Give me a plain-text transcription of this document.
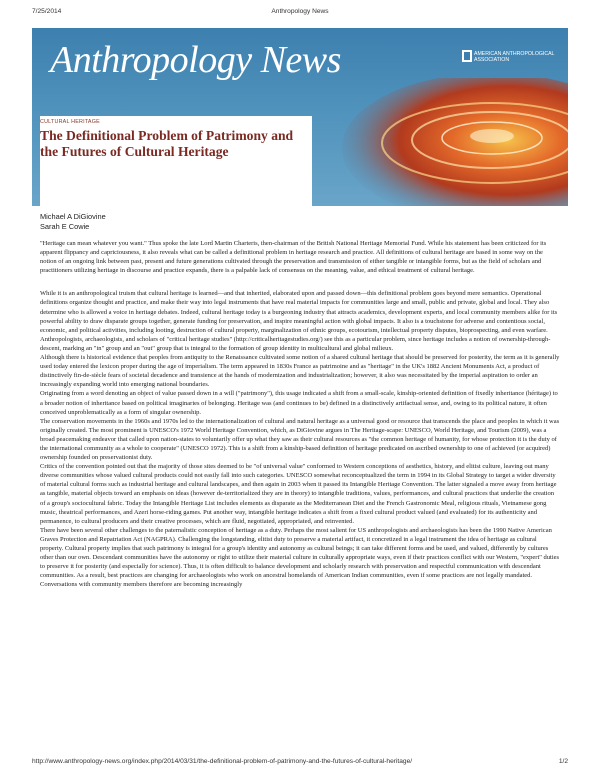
7/25/2014	Anthropology News
Anthropology News	AMERICAN ANTHROPOLOGICAL ASSOCIATION
CULTURAL HERITAGE
The Definitional Problem of Patrimony and the Futures of Cultural Heritage
Michael A DiGiovine
Sarah E Cowie

"Heritage can mean whatever you want." Thus spoke the late Lord Martin Charteris, then-chairman of the British National Heritage Memorial Fund. While his statement has been criticized for its apparent flippancy and capriciousness, it also reveals what can be called a definitional problem in heritage research and practice. All definitions of cultural heritage are based in some way on the notion of an ongoing link between past, present and future generations cultivated through the preservation and transmission of either tangible or intangible forms, but as the field of scholars and practitioners utilizing heritage in discourse and practice expands, there is a palpable lack of consensus on the meaning, value, and ethical treatment of cultural heritage.

While it is an anthropological truism that cultural heritage is learned—and that inherited, elaborated upon and passed down—this definitional problem goes beyond mere semantics. Operational definitions organize thought and practice, and make their way into legal instruments that have real material impacts for communities large and small, public and private, global and local. They also determine who is allowed a voice in heritage debates. Indeed, cultural heritage today is a burgeoning industry that attracts academics, development experts, and local community members alike for its powerful ability to draw disparate groups together, generate funding for preservation, and inspire meaningful action with global impacts. It also is a touchstone for adverse and contentious social, economic, and political activities, including looting, destruction of cultural property, marginalization of ethnic groups, ecotourism, intellectual property disputes, bioprospecting, and even warfare. Anthropologists, archaeologists, and scholars of "critical heritage studies" (http://criticalheritagestudies.org/) see this as a particular problem, since heritage includes a notion of ownership-through-descent, marking an "in" group and an "out" group that is integral to the formation of group identity in multicultural and global milieux.

Although there is historical evidence that peoples from antiquity to the Renaissance cultivated some notion of a shared cultural heritage that should be preserved for posterity, the term as it is generally used today entered the lexicon proper during the age of imperialism. The term appeared in 1830s France as patrimoine and as "heritage" in the UK's 1882 Ancient Monuments Act, a product of distinctively fin-de-siècle fears of societal decadence and transience at the hands of modernization and industrialization; however, it also was necessitated by the imperial aspiration to order an increasingly expanding world into emerging national boundaries.

Originating from a word denoting an object of value passed down in a will ("patrimony"), this usage indicated a shift from a small-scale, kinship-oriented definition of fixedly inheritance (héritage) to a broader notion of inheritance based on political imaginaries of belonging. Heritage was (and continues to be) defined in a distinctively artifactual sense, and, owing to its political nature, it often conceived unproblematically as a form of singular ownership.

The conservation movements in the 1960s and 1970s led to the internationalization of cultural and natural heritage as a universal good or resource that transcends the place and peoples in which it was originally created. The most prominent is UNESCO's 1972 World Heritage Convention, which, as DiGiovine argues in The Heritage-scape: UNESCO, World Heritage, and Tourism (2009), was a broad peacemaking endeavor that called upon nation-states to voluntarily offer up what they saw as their cultural resources as "the common heritage of humanity, for whose protection it is the duty of the international community as a whole to cooperate" (UNESCO 1972). This is a shift from a kinship-based definition of heritage predicated on ascribed ownership to one of achieved (or acquired) ownership founded on preservationist duty.

Critics of the convention pointed out that the majority of those sites deemed to be "of universal value" conformed to Western conceptions of aesthetics, history, and elitist culture, leaving out many diverse communities whose valued cultural products could not easily fall into such categories. UNESCO somewhat reconceptualized the term in 1994 in its Global Strategy to target a wider diversity of material cultural forms such as industrial heritage and cultural landscapes, and then again in 2003 when it passed its Intangible Heritage Convention. The latter signaled a move away from heritage as tangible, material objects toward an emphasis on ideas (however de-territorialized they are in theory) to intangible traditions, values, performances, and cultural practices that underlie the creation of a group's sociocultural fabric. Today the Intangible Heritage List includes elements as disparate as the Mediterranean Diet and the French Gastronomic Meal, religious rituals, Vietnamese gong music, theatrical performances, and Azeri horse-riding games. Put another way, intangible heritage indicates a shift from a fixed cultural product valued (and evaluated) for its authenticity and permanence, to cultural producers and their creative processes, which are fluid, negotiated, appropriated, and reinvented.

There have been several other challenges to the paternalistic conception of heritage as a duty. Perhaps the most salient for US anthropologists and archaeologists has been the 1990 Native American Graves Protection and Repatriation Act (NAGPRA). Challenging the longstanding, elitist duty to preserve a material artifact, it concretized in a legal instrument the idea of heritage as cultural property. Cultural property implies that such patrimony is integral for a group's identity and autonomy as cultural beings; it can take different forms and be used, and valued, differently by cultures other than our own. Descendant communities have the autonomy or right to utilize their material culture in culturally appropriate ways, even if their practices conflict with our Western, "expert" duties to preserve it for posterity (and especially for science). Thus, it is often difficult to balance development and scholarly research with preservation and respectful communication with descendant communities. As a result, best practices are changing for archaeologists who work on ancestral homelands of American Indian communities, even if some practices are not legally mandated. Conversations with community members therefore are becoming increasingly

http://www.anthropology-news.org/index.php/2014/03/31/the-definitional-problem-of-patrimony-and-the-futures-of-cultural-heritage/	1/2
